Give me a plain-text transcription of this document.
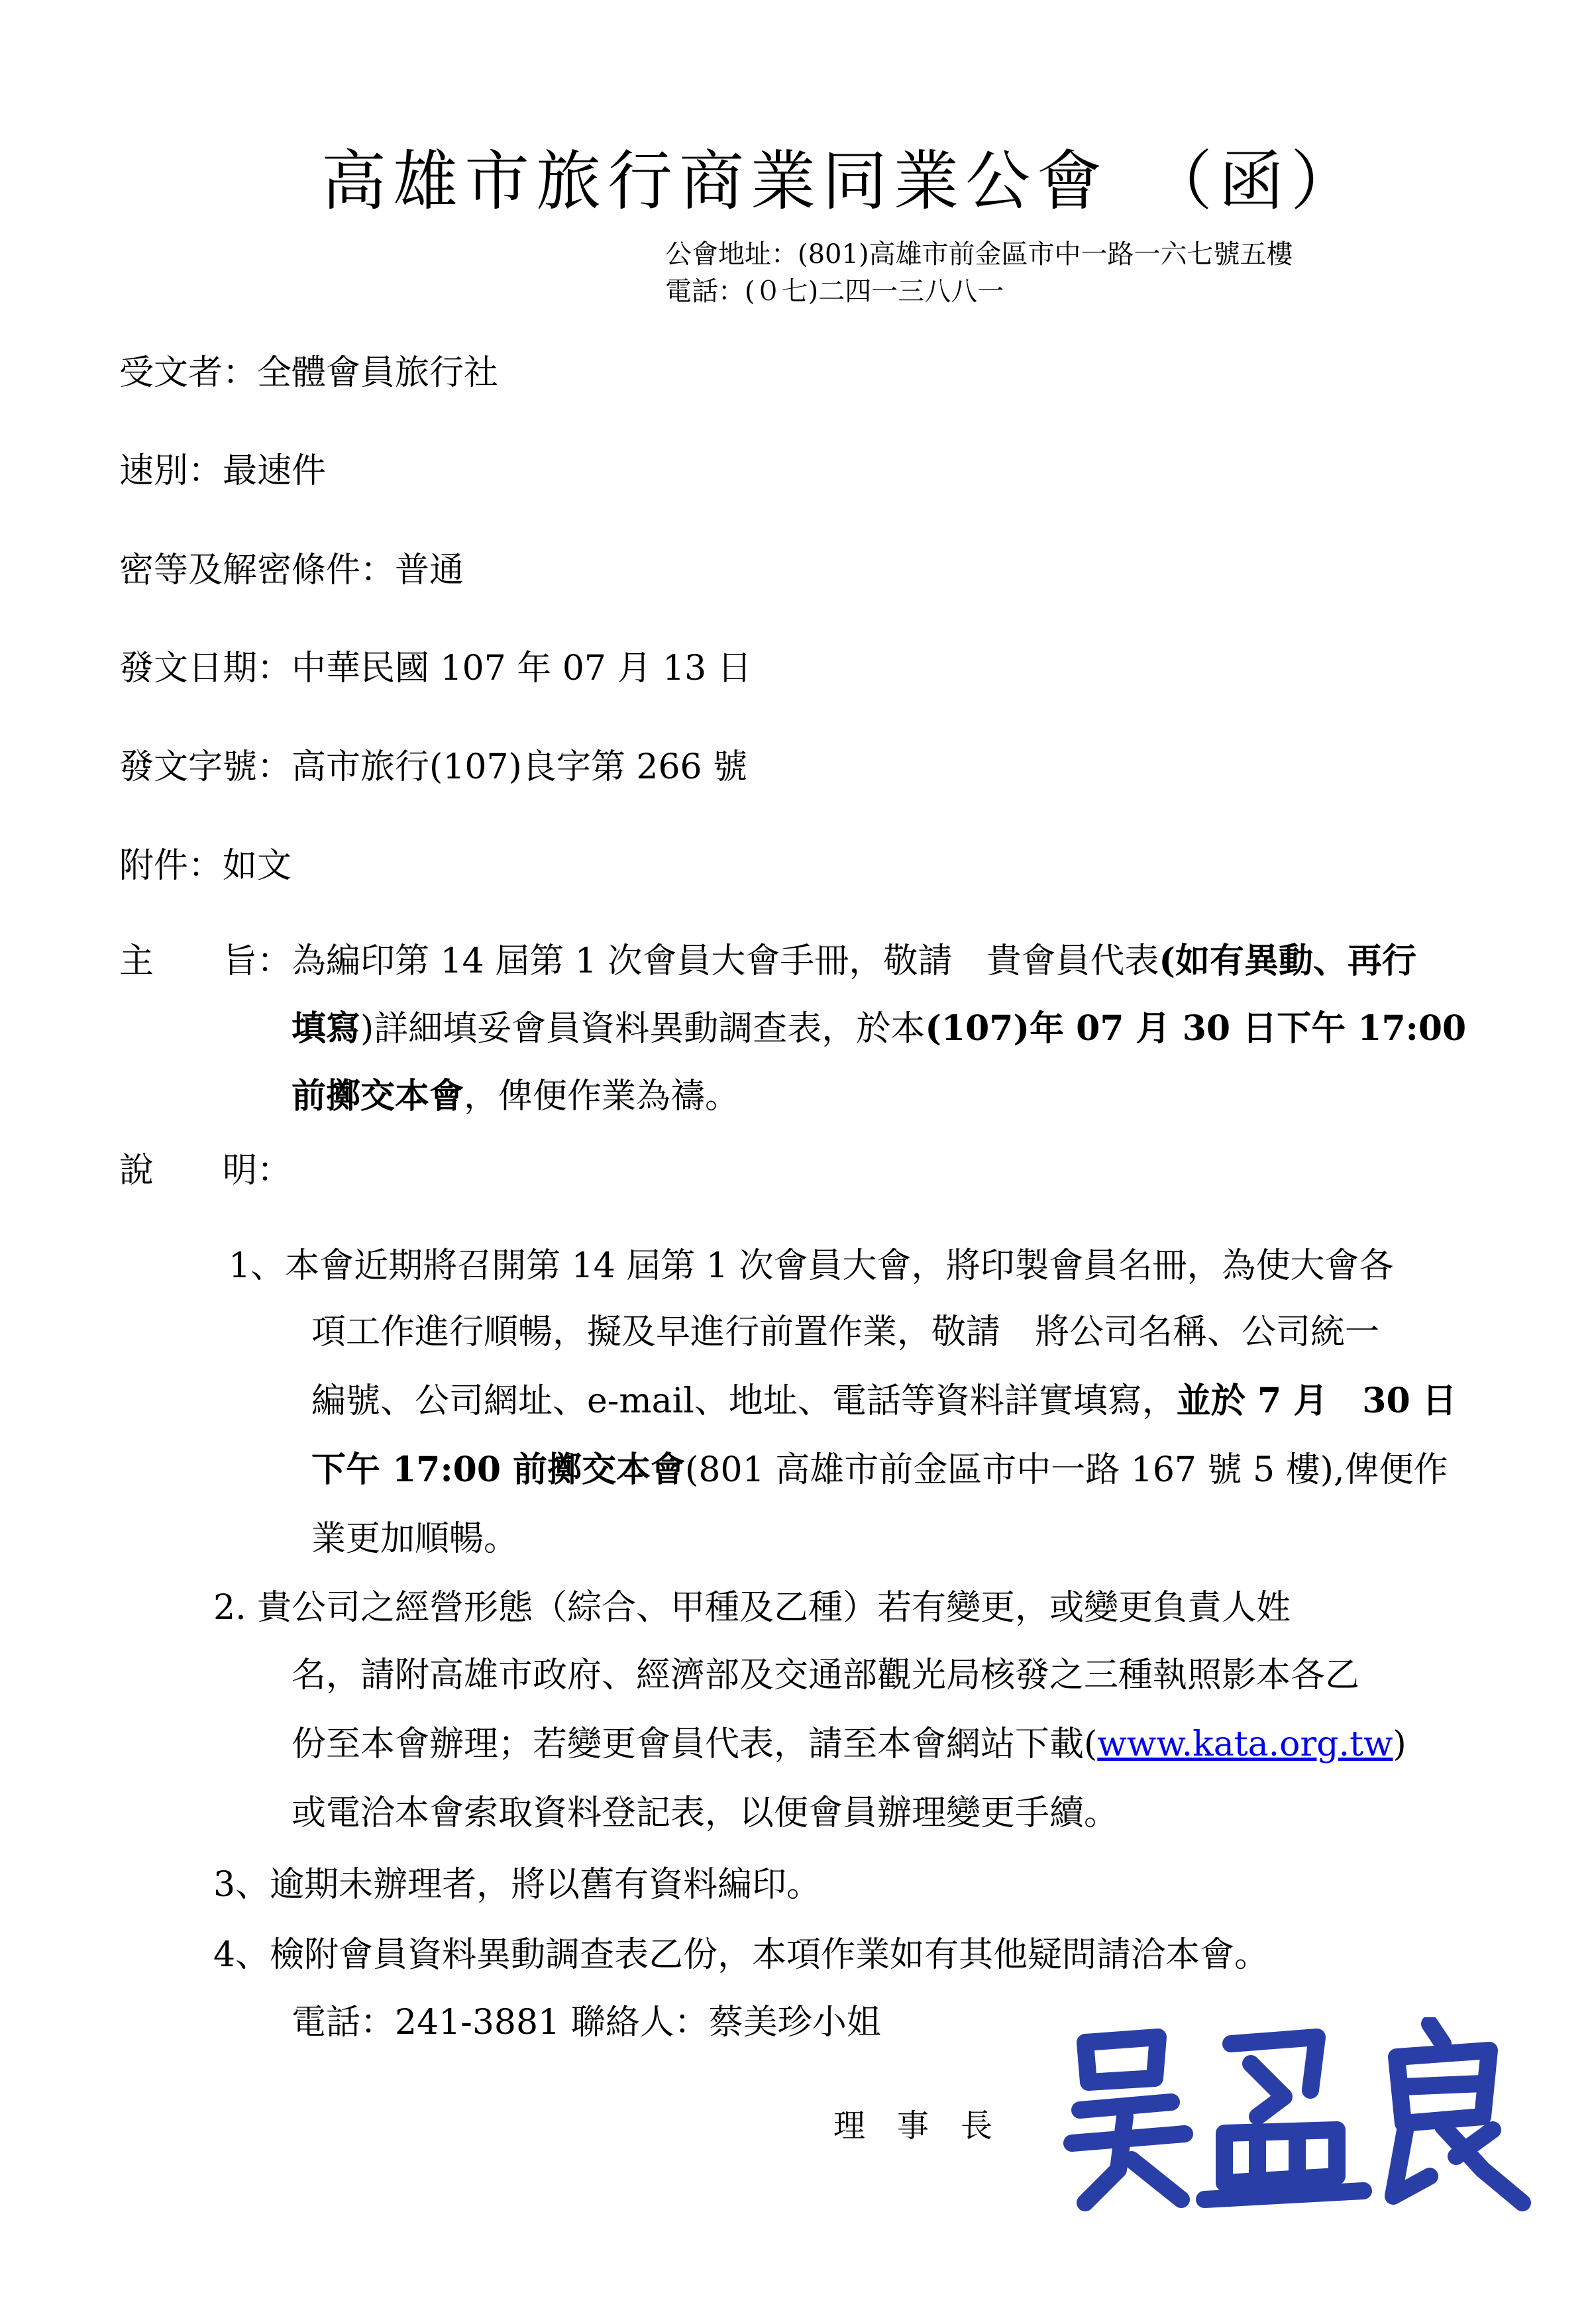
高雄市旅行商業同業公會　（函）
公會地址：(801)高雄市前金區市中一路一六七號五樓
電話：(０七)二四一三八八一
受文者：全體會員旅行社
速別：最速件
密等及解密條件：普通
發文日期：中華民國 107 年 07 月 13 日
發文字號：高市旅行(107)良字第 266 號
附件：如文
主　　旨： 為編印第 14 屆第 1 次會員大會手冊，敬請　貴會員代表(如有異動、再行
填寫)詳細填妥會員資料異動調查表，於本(107)年 07 月 30 日下午 17:00
前擲交本會，俾便作業為禱。
說　　明：
1、本會近期將召開第 14 屆第 1 次會員大會，將印製會員名冊，為使大會各
項工作進行順暢，擬及早進行前置作業，敬請　將公司名稱、公司統一
編號、公司網址、e-mail、地址、電話等資料詳實填寫，並於 7 月　30 日
下午 17:00 前擲交本會(801 高雄市前金區市中一路 167 號 5 樓),俾便作
業更加順暢。
2. 貴公司之經營形態（綜合、甲種及乙種）若有變更，或變更負責人姓
名，請附高雄市政府、經濟部及交通部觀光局核發之三種執照影本各乙
份至本會辦理；若變更會員代表，請至本會網站下載(www.kata.org.tw)
或電洽本會索取資料登記表，以便會員辦理變更手續。
3、逾期未辦理者，將以舊有資料編印。
4、檢附會員資料異動調查表乙份，本項作業如有其他疑問請洽本會。
電話：241-3881 聯絡人：蔡美珍小姐
理　事　長
